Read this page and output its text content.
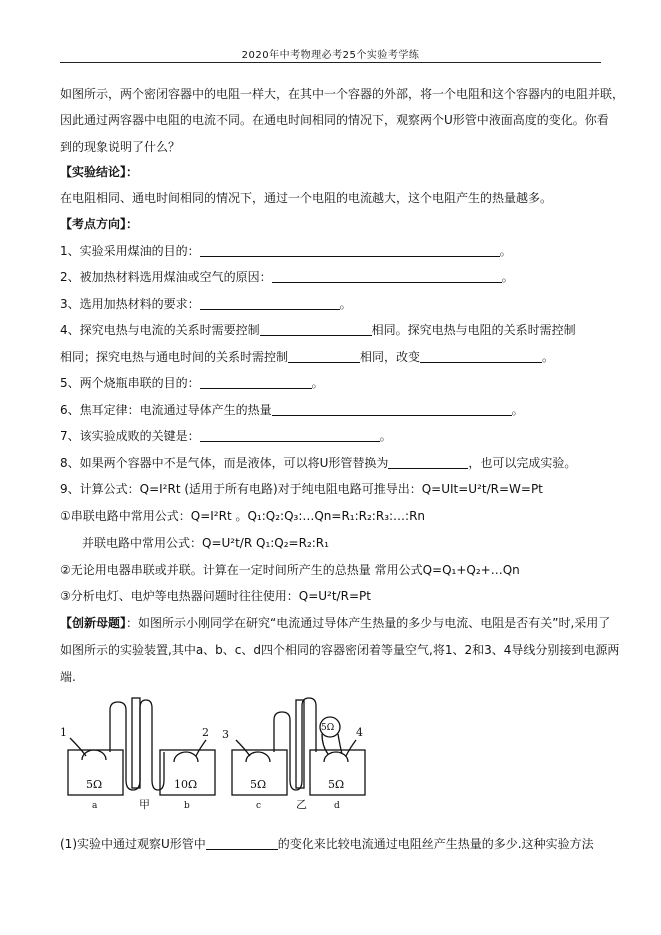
2020年中考物理必考25个实验考学练
如图所示，两个密闭容器中的电阻一样大，在其中一个容器的外部，将一个电阻和这个容器内的电阻并联，
因此通过两容器中电阻的电流不同。在通电时间相同的情况下，观察两个U形管中液面高度的变化。你看
到的现象说明了什么？
【实验结论】：
在电阻相同、通电时间相同的情况下，通过一个电阻的电流越大，这个电阻产生的热量越多。
【考点方向】：
1、实验采用煤油的目的：	。
2、被加热材料选用煤油或空气的原因：	。
3、选用加热材料的要求：	。
4、探究电热与电流的关系时需要控制	相同。探究电热与电阻的关系时需控制
相同；探究电热与通电时间的关系时需控制	相同，改变	。
5、两个烧瓶串联的目的：	。
6、焦耳定律：电流通过导体产生的热量	。
7、该实验成败的关键是：	。
8、如果两个容器中不是气体，而是液体，可以将U形管替换为	，也可以完成实验。
9、计算公式：Q=I²Rt (适用于所有电路)对于纯电阻电路可推导出：Q=UIt=U²t/R=W=Pt
①串联电路中常用公式：Q=I²Rt 。Q₁:Q₂:Q₃:…Qn=R₁:R₂:R₃:…:Rn
并联电路中常用公式：Q=U²t/R Q₁:Q₂=R₂:R₁
②无论用电器串联或并联。计算在一定时间所产生的总热量 常用公式Q=Q₁+Q₂+…Qn
③分析电灯、电炉等电热器问题时往往使用：Q=U²t/R=Pt
【创新母题】：如图所示小刚同学在研究“电流通过导体产生热量的多少与电流、电阻是否有关”时,采用了
如图所示的实验装置,其中a、b、c、d四个相同的容器密闭着等量空气,将1、2和3、4导线分别接到电源两
端.
1	2 3	4
5Ω	10Ω	5Ω	5Ω
5Ω
a	b	c	d
甲	乙
(1)实验中通过观察U形管中	的变化来比较电流通过电阻丝产生热量的多少.这种实验方法
